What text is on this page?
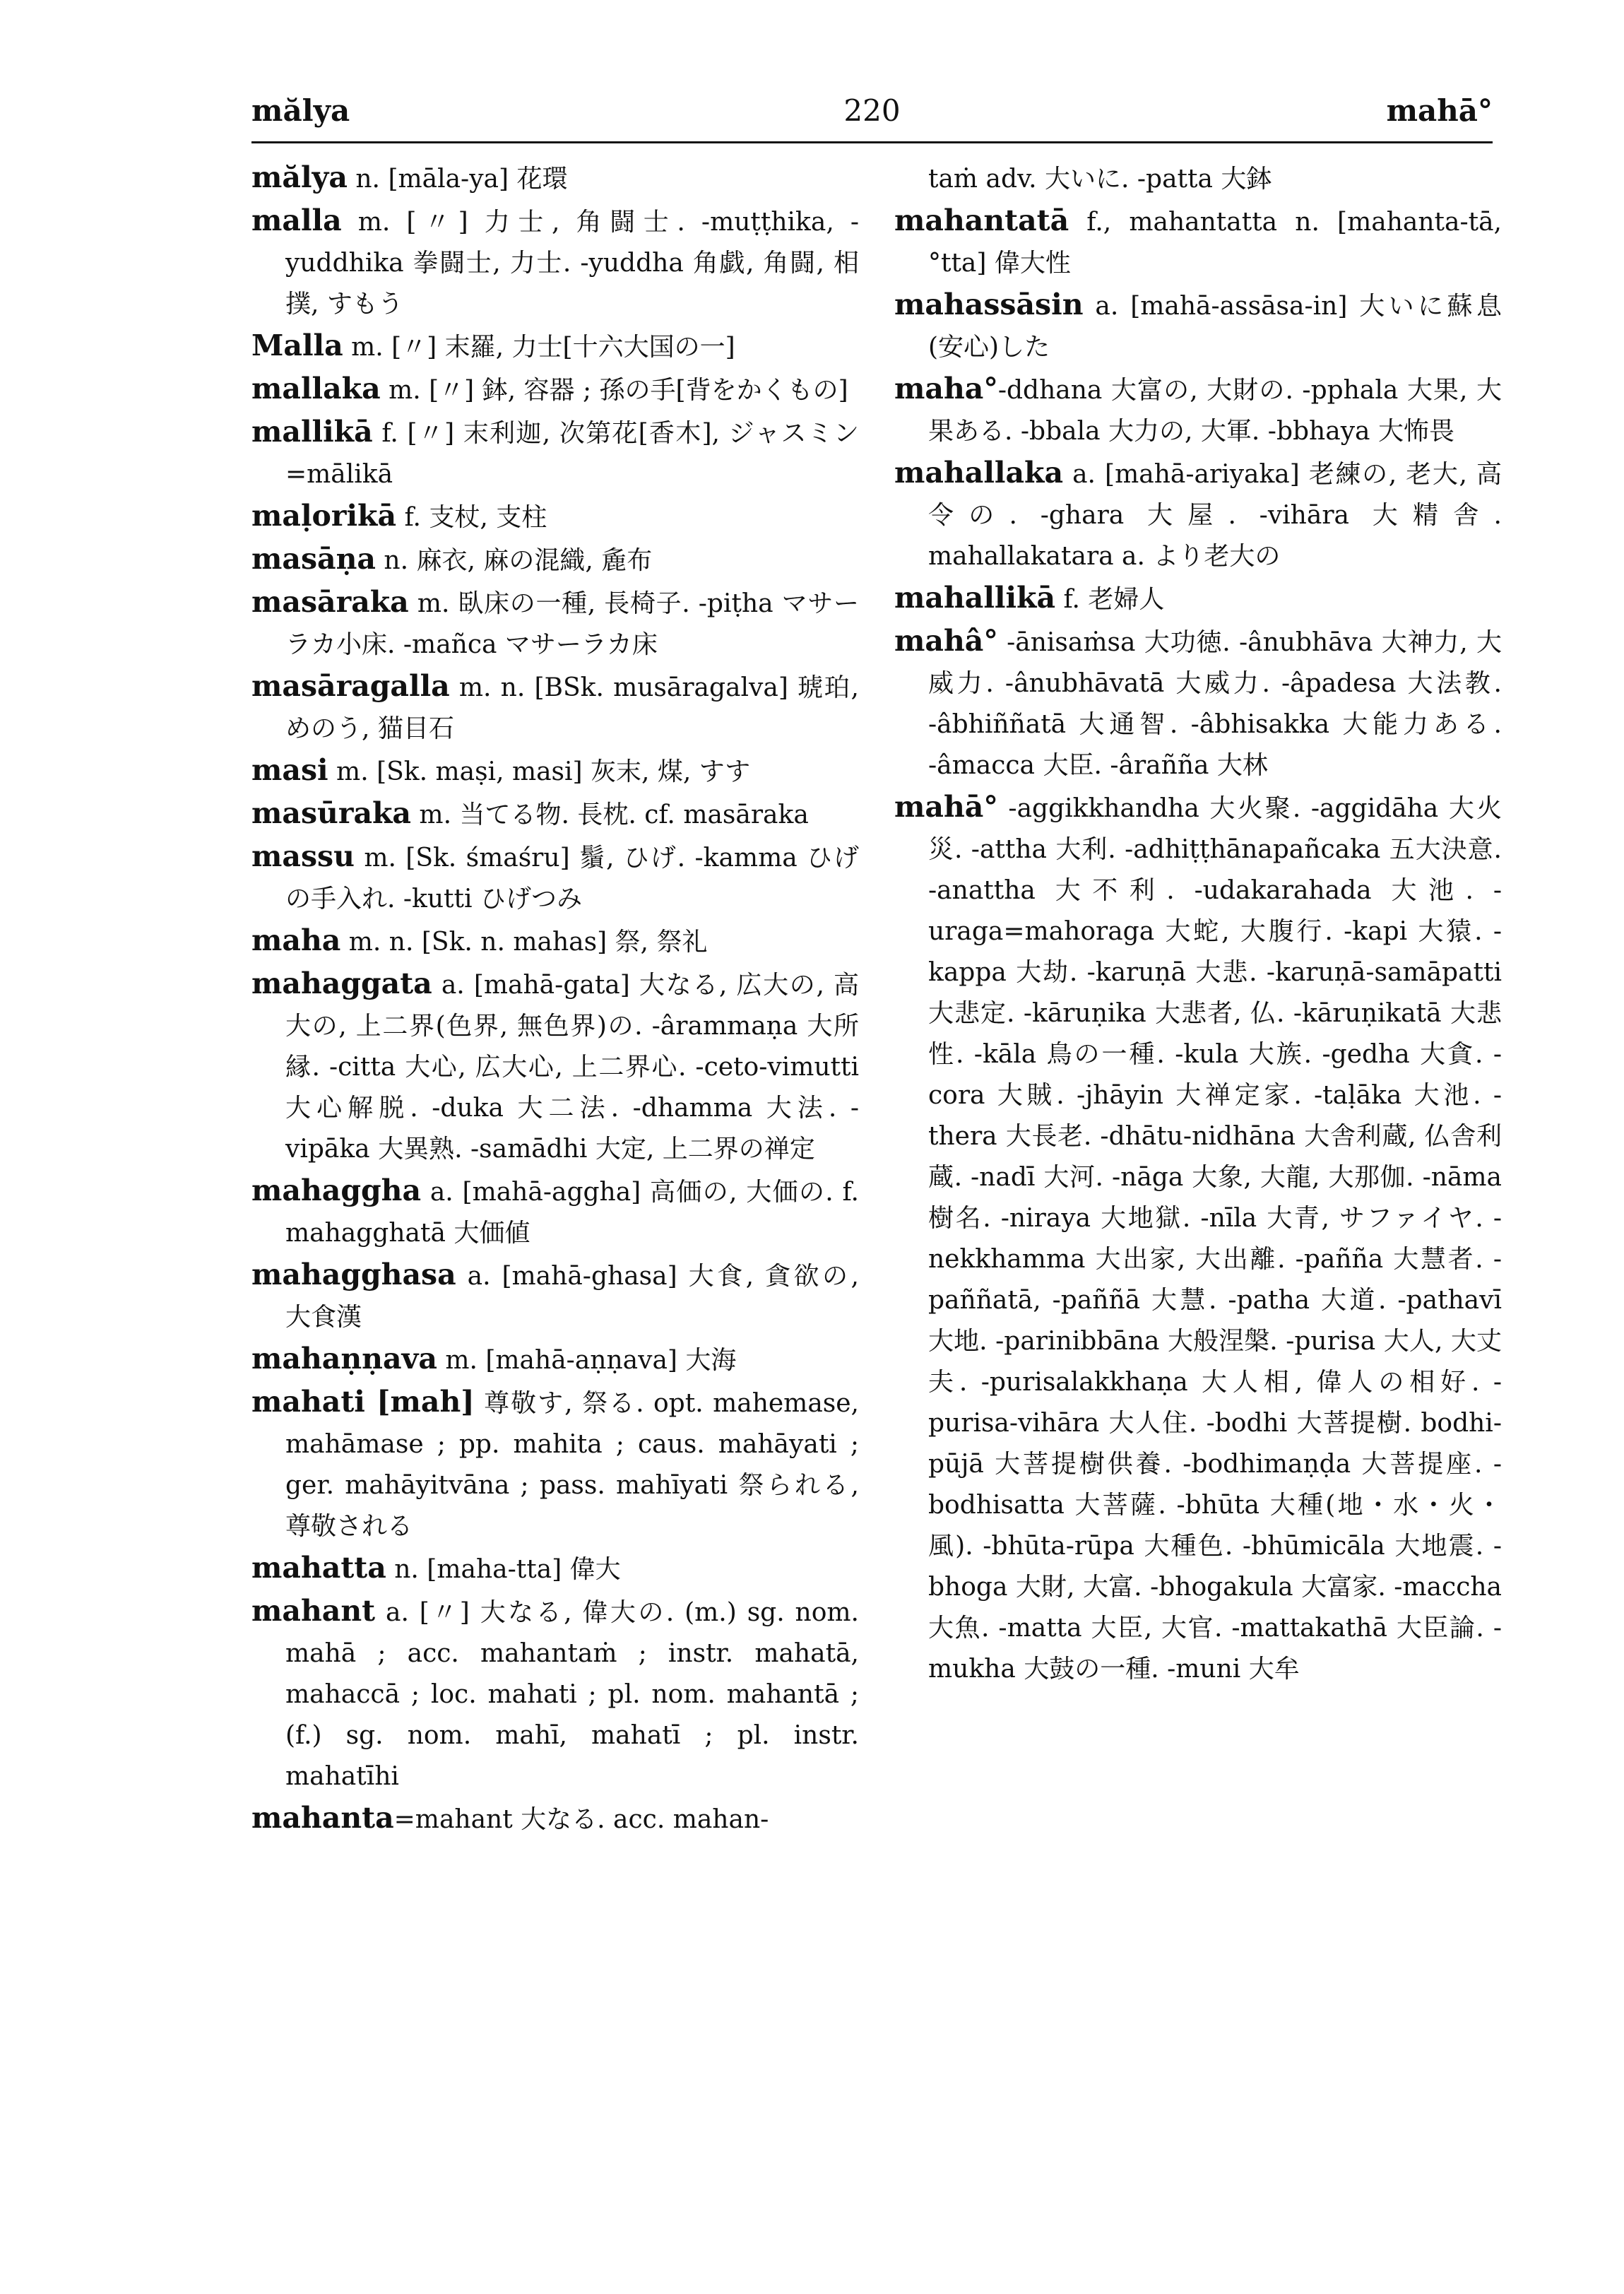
mălya	220	mahā°

mălya n. [māla-ya] 花環

malla m. [〃] 力士, 角闘士. -muṭṭhika, -yuddhika 拳闘士, 力士. -yuddha 角戯, 角闘, 相撲, すもう

Malla m. [〃] 末羅, 力士[十六大国の一]

mallaka m. [〃] 鉢, 容器 ; 孫の手[背をかくもの]

mallikā f. [〃] 末利迦, 次第花[香木], ジャスミン=mālikā

maḷorikā f. 支杖, 支柱

masāṇa n. 麻衣, 麻の混織, 麁布

masāraka m. 臥床の一種, 長椅子. -piṭha マサーラカ小床. -mañca マサーラカ床

masāragalla m. n. [BSk. musāragalva] 琥珀, めのう, 猫目石

masi m. [Sk. maṣi, masi] 灰末, 煤, すす

masūraka m. 当てる物. 長枕. cf. masāraka

massu m. [Sk. śmaśru] 鬚, ひげ. -kamma ひげの手入れ. -kutti ひげつみ

maha m. n. [Sk. n. mahas] 祭, 祭礼

mahaggata a. [mahā-gata] 大なる, 広大の, 高大の, 上二界(色界, 無色界)の. -ârammaṇa 大所縁. -citta 大心, 広大心, 上二界心. -ceto-vimutti 大心解脱. -duka 大二法. -dhamma 大法. -vipāka 大異熟. -samādhi 大定, 上二界の禅定

mahaggha a. [mahā-aggha] 高価の, 大価の. f. mahagghatā 大価値

mahagghasa a. [mahā-ghasa] 大食, 貪欲の, 大食漢

mahaṇṇava m. [mahā-aṇṇava] 大海

mahati [mah] 尊敬す, 祭る. opt. mahemase, mahāmase ; pp. mahita ; caus. mahāyati ; ger. mahāyitvāna ; pass. mahīyati 祭られる, 尊敬される

mahatta n. [maha-tta] 偉大

mahant a. [〃] 大なる, 偉大の. (m.) sg. nom. mahā ; acc. mahantaṁ ; instr. mahatā, mahaccā ; loc. mahati ; pl. nom. mahantā ; (f.) sg. nom. mahī, mahatī ; pl. instr. mahatīhi

mahanta=mahant 大なる. acc. mahan-

taṁ adv. 大いに. -patta 大鉢

mahantatā f., mahantatta n. [mahanta-tā, °tta] 偉大性

mahassāsin a. [mahā-assāsa-in] 大いに蘇息(安心)した

maha°-ddhana 大富の, 大財の. -pphala 大果, 大果ある. -bbala 大力の, 大軍. -bbhaya 大怖畏

mahallaka a. [mahā-ariyaka] 老練の, 老大, 高令の. -ghara 大屋. -vihāra 大精舎. mahallakatara a. より老大の

mahallikā f. 老婦人

mahâ° -ānisaṁsa 大功徳. -ânubhāva 大神力, 大威力. -ânubhāvatā 大威力. -âpadesa 大法教. -âbhiññatā 大通智. -âbhisakka 大能力ある. -âmacca 大臣. -âraññа 大林

mahā° -aggikkhandha 大火聚. -aggidāha 大火災. -attha 大利. -adhiṭṭhānapañcaka 五大決意. -anattha 大不利. -udakarahada 大池. -uraga=mahoraga 大蛇, 大腹行. -kapi 大猿. -kappa 大劫. -karuṇā 大悲. -karuṇā-samāpatti 大悲定. -kāruṇika 大悲者, 仏. -kāruṇikatā 大悲性. -kāla 鳥の一種. -kula 大族. -gedha 大貪. -cora 大賊. -jhāyin 大禅定家. -taḷāka 大池. -thera 大長老. -dhātu-nidhāna 大舎利蔵, 仏舎利蔵. -nadī 大河. -nāga 大象, 大龍, 大那伽. -nāma 樹名. -niraya 大地獄. -nīla 大青, サファイヤ. -nekkhamma 大出家, 大出離. -pañña 大慧者. -paññatā, -paññā 大慧. -patha 大道. -pathavī 大地. -parinibbāna 大般涅槃. -purisa 大人, 大丈夫. -purisalakkhaṇa 大人相, 偉人の相好. -purisa-vihāra 大人住. -bodhi 大菩提樹. bodhi-pūjā 大菩提樹供養. -bodhimaṇḍa 大菩提座. -bodhisatta 大菩薩. -bhūta 大種(地・水・火・風). -bhūta-rūpa 大種色. -bhūmicāla 大地震. -bhoga 大財, 大富. -bhogakula 大富家. -maccha 大魚. -matta 大臣, 大官. -mattakathā 大臣論. -mukha 大鼓の一種. -muni 大牟
